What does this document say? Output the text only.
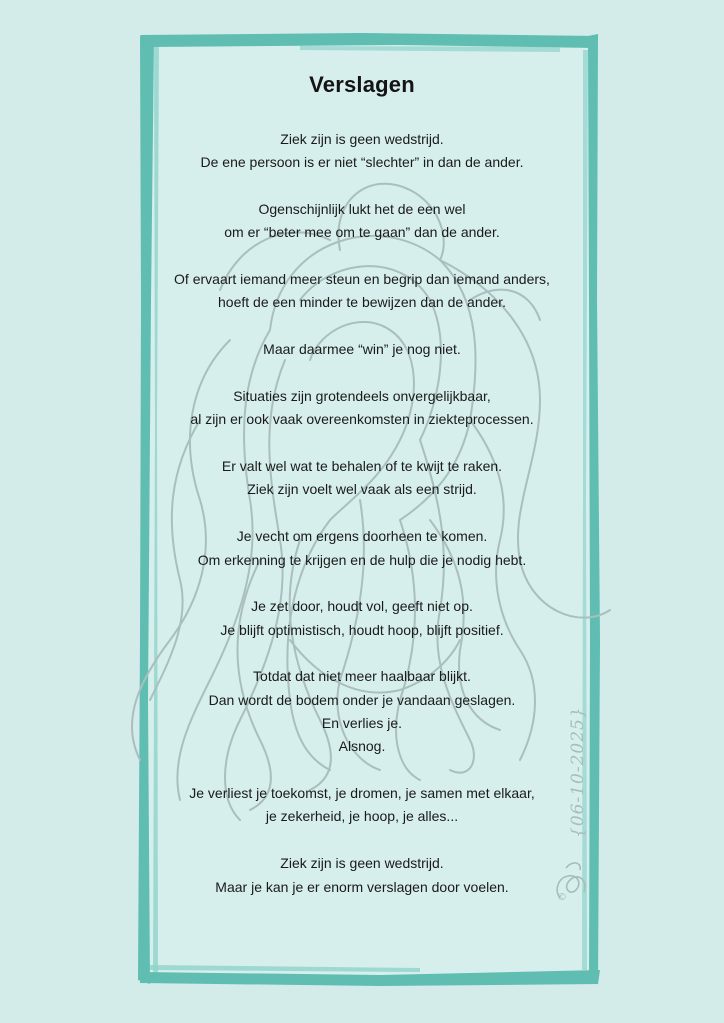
Verslagen
Ziek zijn is geen wedstrijd.
De ene persoon is er niet “slechter” in dan de ander.
Ogenschijnlijk lukt het de een wel
om er “beter mee om te gaan” dan de ander.
Of ervaart iemand meer steun en begrip dan iemand anders,
hoeft de een minder te bewijzen dan de ander.
Maar daarmee “win” je nog niet.
Situaties zijn grotendeels onvergelijkbaar,
al zijn er ook vaak overeenkomsten in ziekteprocessen.
Er valt wel wat te behalen of te kwijt te raken.
Ziek zijn voelt wel vaak als een strijd.
Je vecht om ergens doorheen te komen.
Om erkenning te krijgen en de hulp die je nodig hebt.
Je zet door, houdt vol, geeft niet op.
Je blijft optimistisch, houdt hoop, blijft positief.
Totdat dat niet meer haalbaar blijkt.
Dan wordt de bodem onder je vandaan geslagen.
En verlies je.
Alsnog.
Je verliest je toekomst, je dromen, je samen met elkaar,
je zekerheid, je hoop, je alles...
Ziek zijn is geen wedstrijd.
Maar je kan je er enorm verslagen door voelen.
{06-10-2025}
©
